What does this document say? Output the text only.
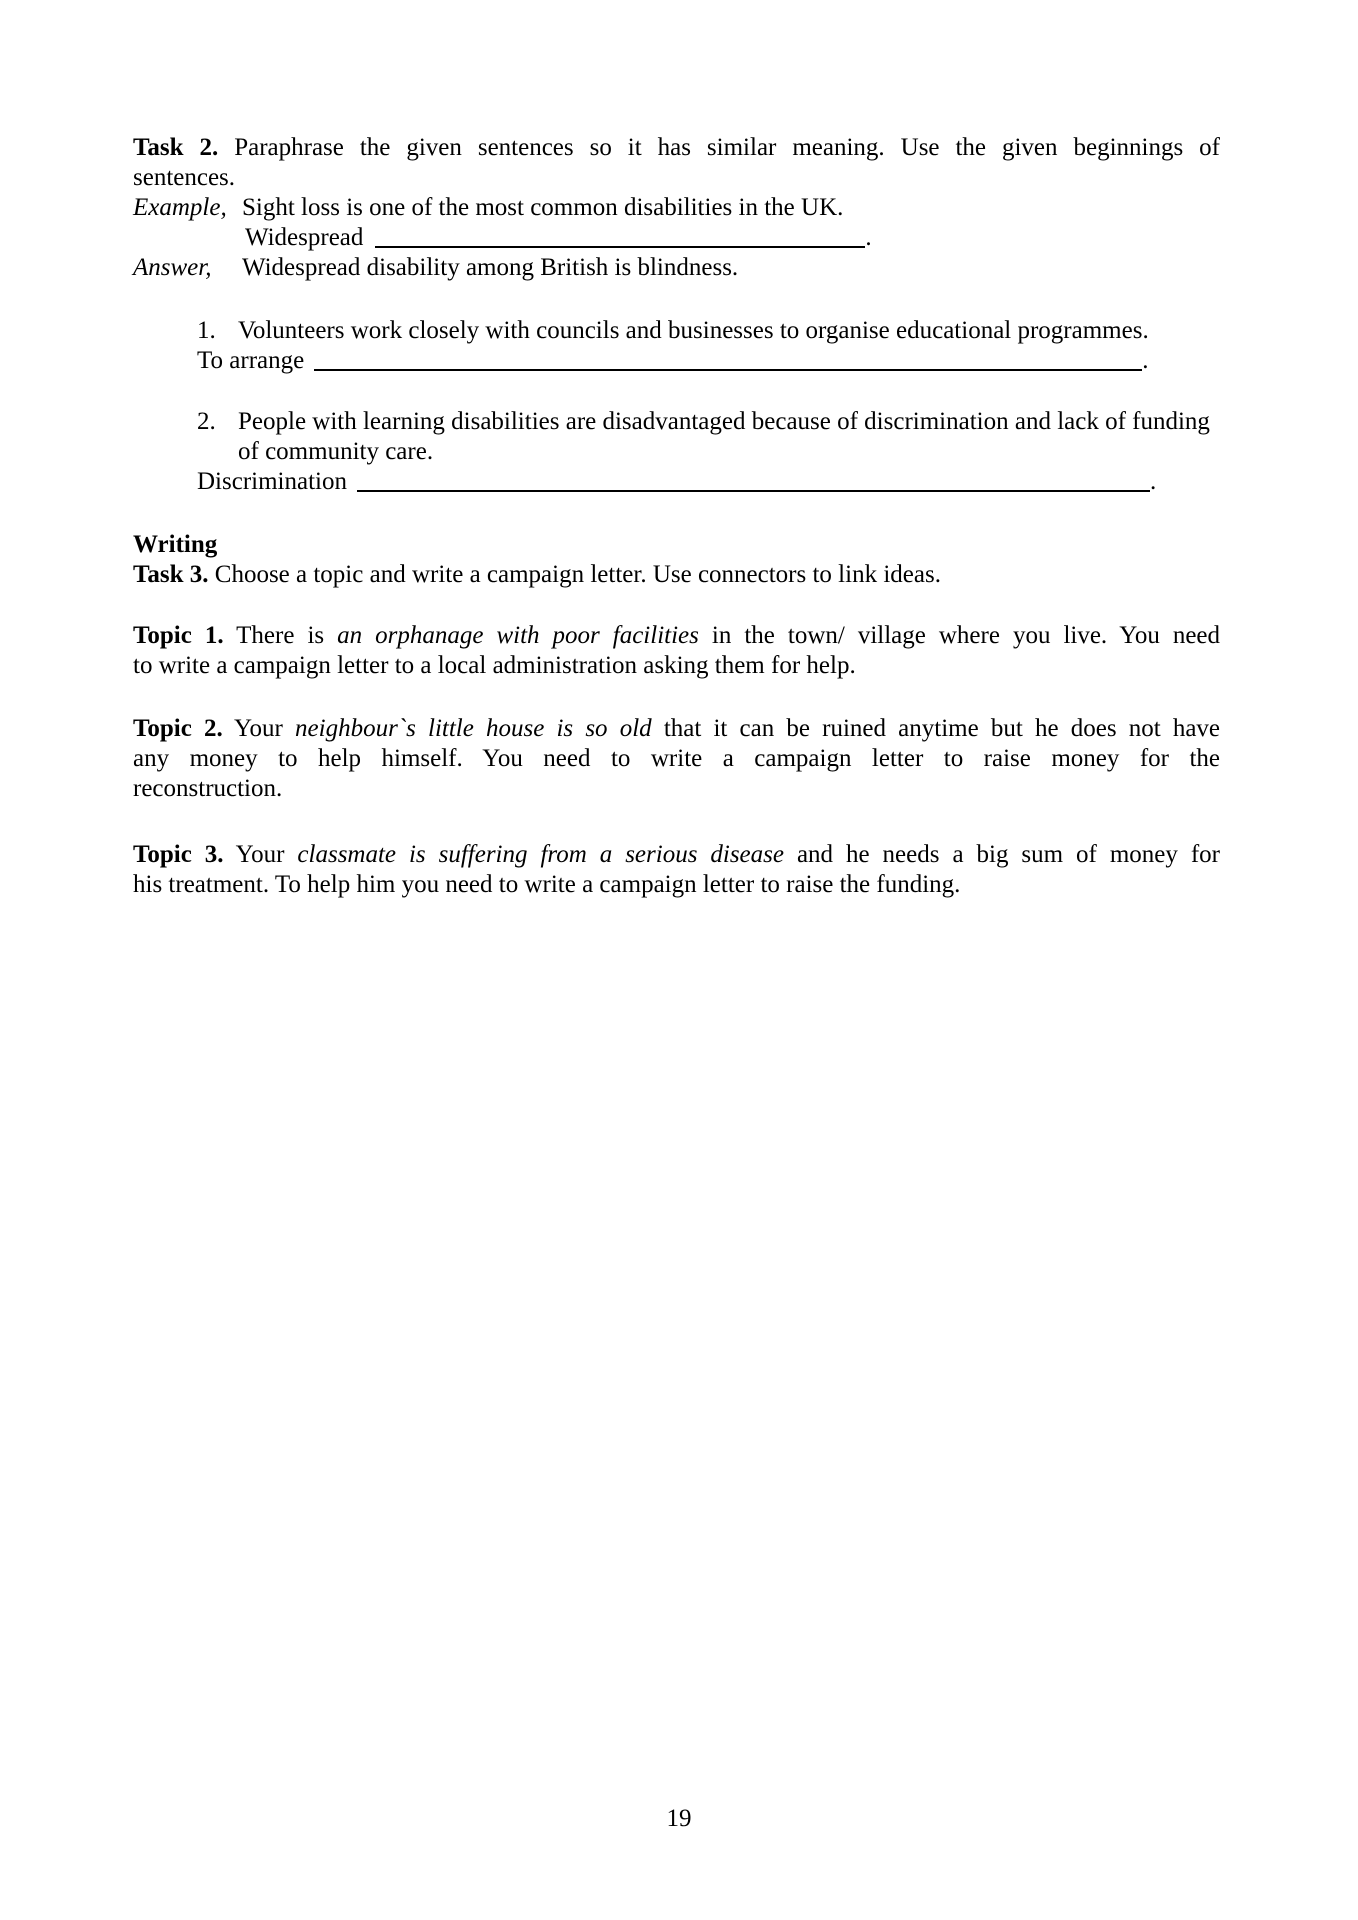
Task 2. Paraphrase the given sentences so it has similar meaning. Use the given beginnings of
sentences.
Example, Sight loss is one of the most common disabilities in the UK.
Widespread	.
Answer, Widespread disability among British is blindness.
1. Volunteers work closely with councils and businesses to organise educational programmes.
To arrange	.
2. People with learning disabilities are disadvantaged because of discrimination and lack of funding
of community care.
Discrimination	.
Writing
Task 3. Choose a topic and write a campaign letter. Use connectors to link ideas.
Topic 1. There is an orphanage with poor facilities in the town/ village where you live. You need
to write a campaign letter to a local administration asking them for help.
Topic 2. Your neighbour`s little house is so old that it can be ruined anytime but he does not have
any money to help himself. You need to write a campaign letter to raise money for the
reconstruction.
Topic 3. Your classmate is suffering from a serious disease and he needs a big sum of money for
his treatment. To help him you need to write a campaign letter to raise the funding.
19
